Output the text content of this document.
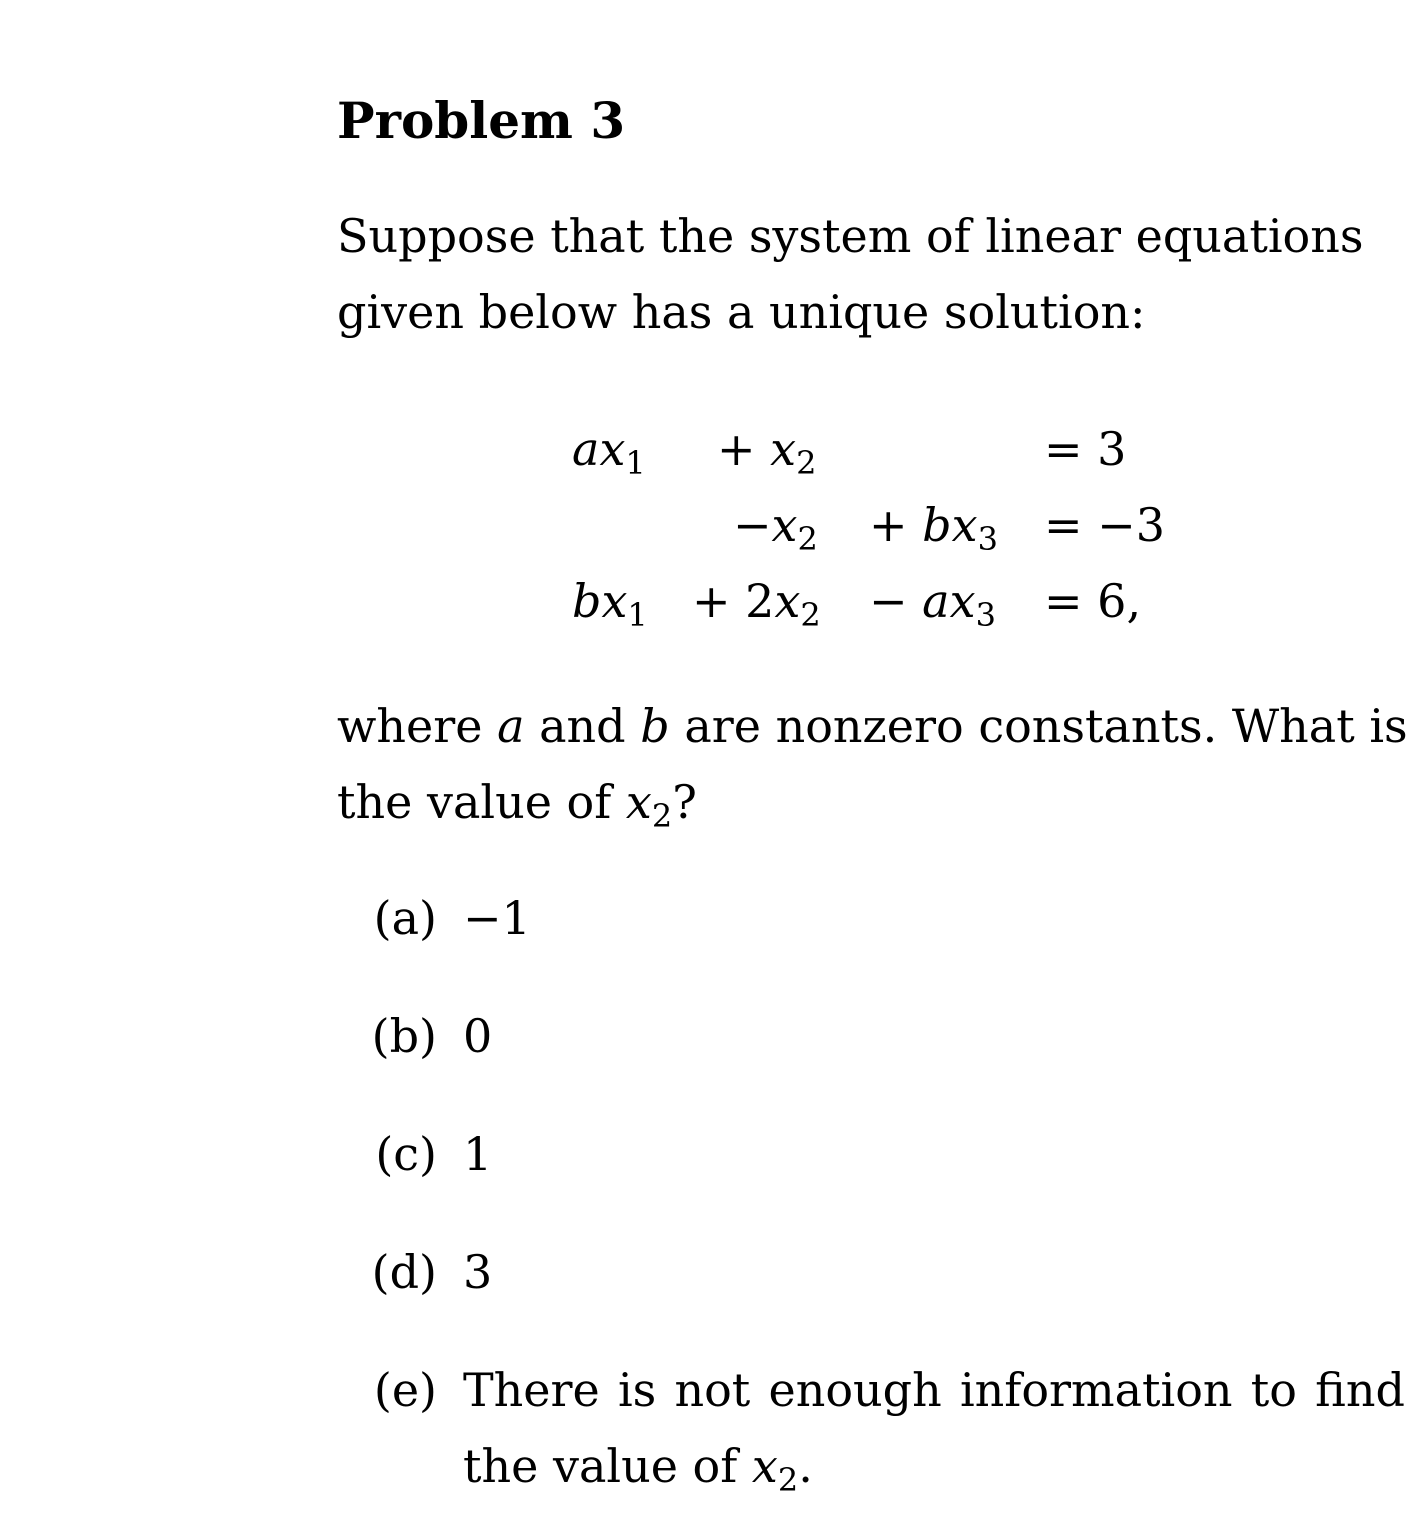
Problem 3
Suppose that the system of linear equations
given below has a unique solution:
$ax_1 + x_2$	= 3
$-x_2 + bx_3 = -3$
$bx_1 + 2x_2 - ax_3 = 6$,
where a and b are nonzero constants. What is
the value of $x_2$?
(a) −1
(b) 0
(c) 1
(d) 3
(e) There is not enough information to find
the value of $x_2$.
